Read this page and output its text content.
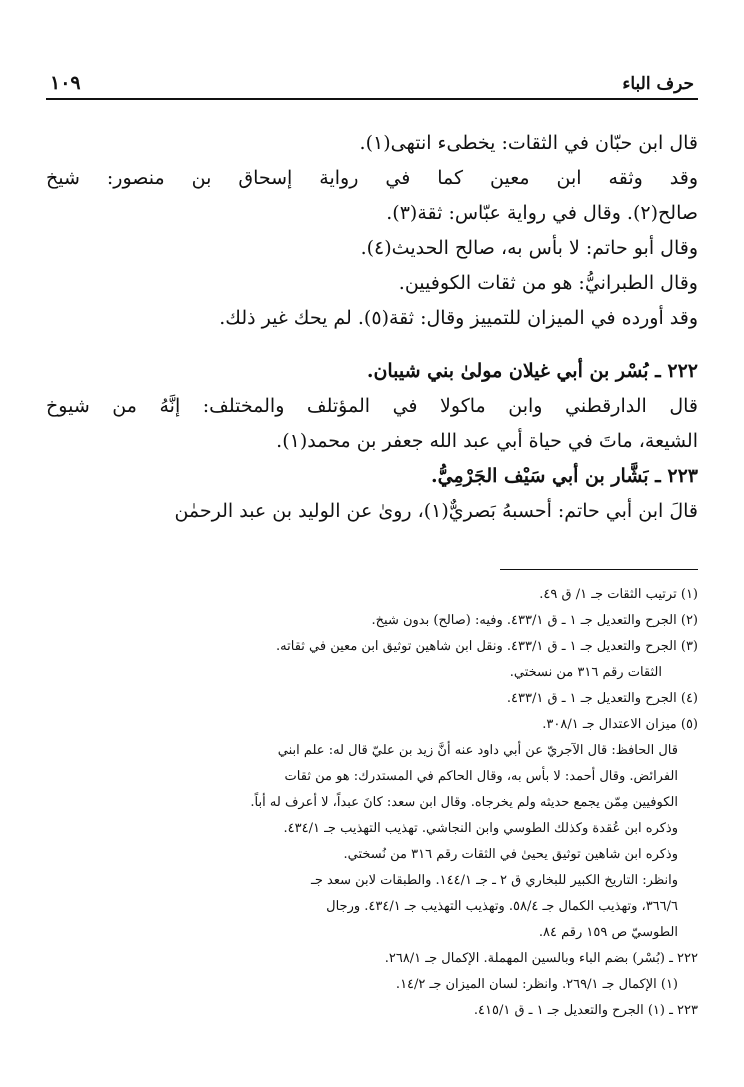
حرف الباء
١٠٩
قال ابن حبّان في الثقات: يخطىء انتهى(١).
وقد وثقه ابن معين كما في رواية إسحاق بن منصور: شيخ
صالح(٢). وقال في رواية عبّاس: ثقة(٣).
وقال أبو حاتم: لا بأس به، صالح الحديث(٤).
وقال الطبرانيُّ: هو من ثقات الكوفيين.
وقد أورده في الميزان للتمييز وقال: ثقة(٥). لم يحك غير ذلك.
٢٢٢ ـ بُسْر بن أبي غيلان مولىٰ بني شيبان.
قال الدارقطني وابن ماكولا في المؤتلف والمختلف: إنَّهُ من شيوخ
الشيعة، ماتَ في حياة أبي عبد الله جعفر بن محمد(١).
٢٢٣ ـ بَشَّار بن أبي سَيْف الجَرْمِيُّ.
قالَ ابن أبي حاتم: أحسبهُ بَصريٌّ(١)، رویٰ عن الوليد بن عبد الرحمٰن
(١) ترتيب الثقات جـ ١/ ق ٤٩.
(٢) الجرح والتعديل جـ ١ ـ ق ٤٣٣/١. وفيه: (صالح) بدون شيخ.
(٣) الجرح والتعديل جـ ١ ـ ق ٤٣٣/١. ونقل ابن شاهين توثيق ابن معين في ثقاته.
الثقات رقم ٣١٦ من نسختي.
(٤) الجرح والتعديل جـ ١ ـ ق ٤٣٣/١.
(٥) ميزان الاعتدال جـ ٣٠٨/١.
قال الحافظ: قال الآجريّ عن أبي داود عنه أنَّ زيد بن عليّ قال له: علم ابني
الفرائض. وقال أحمد: لا بأس به، وقال الحاكم في المستدرك: هو من ثقات
الكوفيين مِمّن يجمع حديثه ولم يخرجاه. وقال ابن سعد: كانَ عبداً، لا أعرف له أباً.
وذكره ابن عُقدة وكذلك الطوسي وابن النجاشي. تهذيب التهذيب جـ ٤٣٤/١.
وذكره ابن شاهين توثيق يحيىٰ في الثقات رقم ٣١٦ من نُسختي.
وانظر: التاريخ الكبير للبخاري ق ٢ ـ جـ ١٤٤/١. والطبقات لابن سعد جـ
٣٦٦/٦، وتهذيب الكمال جـ ٥٨/٤. وتهذيب التهذيب جـ ٤٣٤/١. ورجال
الطوسيّ ص ١٥٩ رقم ٨٤.
٢٢٢ ـ (بُسْر) بضم الباء وبالسين المهملة. الإكمال جـ ٢٦٨/١.
(١) الإكمال جـ ٢٦٩/١. وانظر: لسان الميزان جـ ١٤/٢.
٢٢٣ ـ (١) الجرح والتعديل جـ ١ ـ ق ٤١٥/١.
